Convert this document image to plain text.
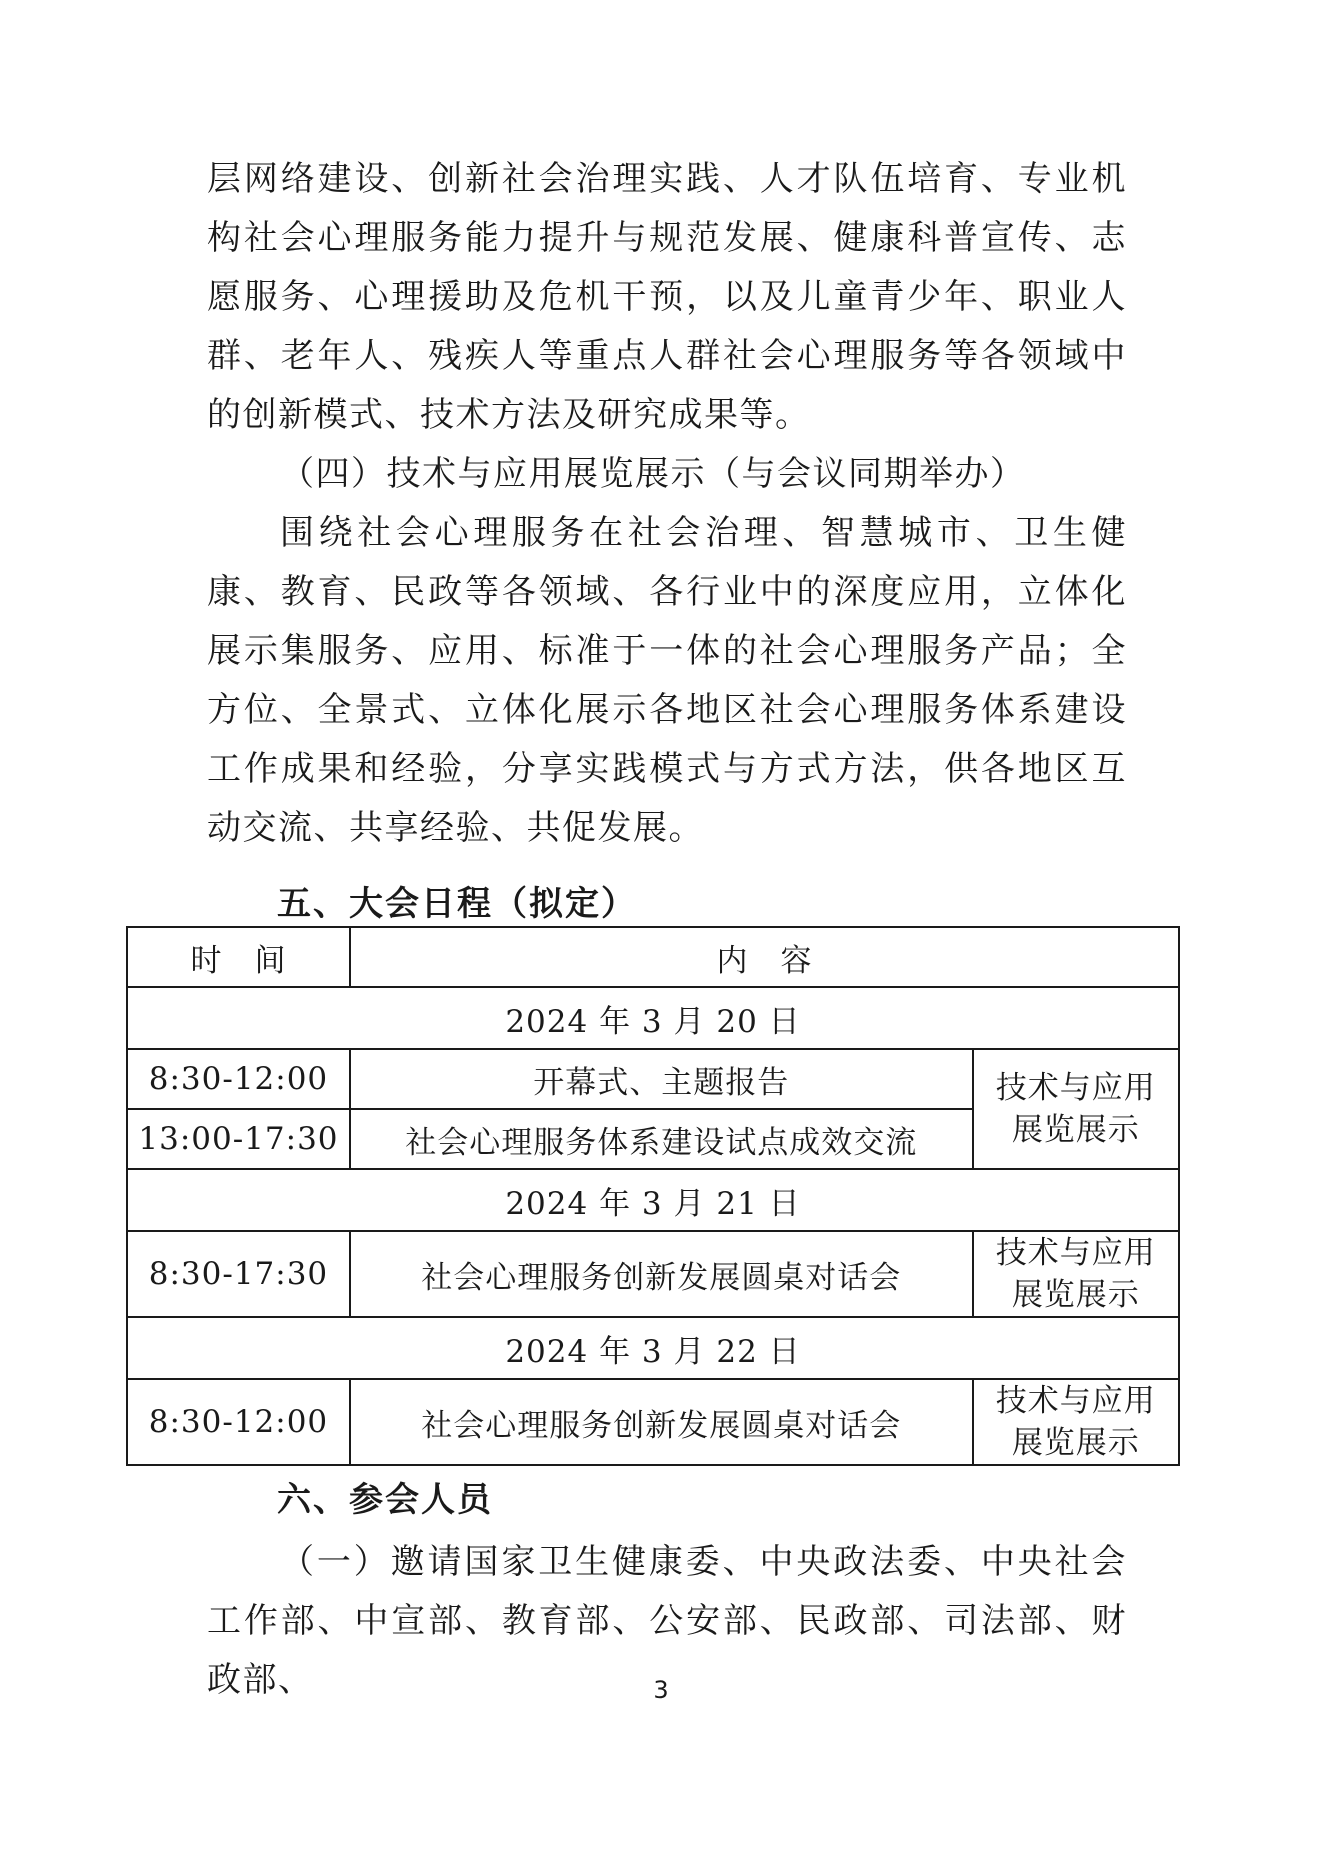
层网络建设、创新社会治理实践、人才队伍培育、专业机构社会心理服务能力提升与规范发展、健康科普宣传、志愿服务、心理援助及危机干预，以及儿童青少年、职业人群、老年人、残疾人等重点人群社会心理服务等各领域中的创新模式、技术方法及研究成果等。

（四）技术与应用展览展示（与会议同期举办）

围绕社会心理服务在社会治理、智慧城市、卫生健康、教育、民政等各领域、各行业中的深度应用，立体化展示集服务、应用、标准于一体的社会心理服务产品；全方位、全景式、立体化展示各地区社会心理服务体系建设工作成果和经验，分享实践模式与方式方法，供各地区互动交流、共享经验、共促发展。

五、大会日程（拟定）
时　间	内　容	
2024 年 3 月 20 日		
8:30-12:00	开幕式、主题报告	技术与应用
展览展示

13:00-17:30	社会心理服务体系建设试点成效交流	
2024 年 3 月 21 日		
8:30-17:30	社会心理服务创新发展圆桌对话会	技术与应用
展览展示

2024 年 3 月 22 日		
8:30-12:00	社会心理服务创新发展圆桌对话会	技术与应用
展览展示
六、参会人员

（一）邀请国家卫生健康委、中央政法委、中央社会工作部、中宣部、教育部、公安部、民政部、司法部、财政部、	3
